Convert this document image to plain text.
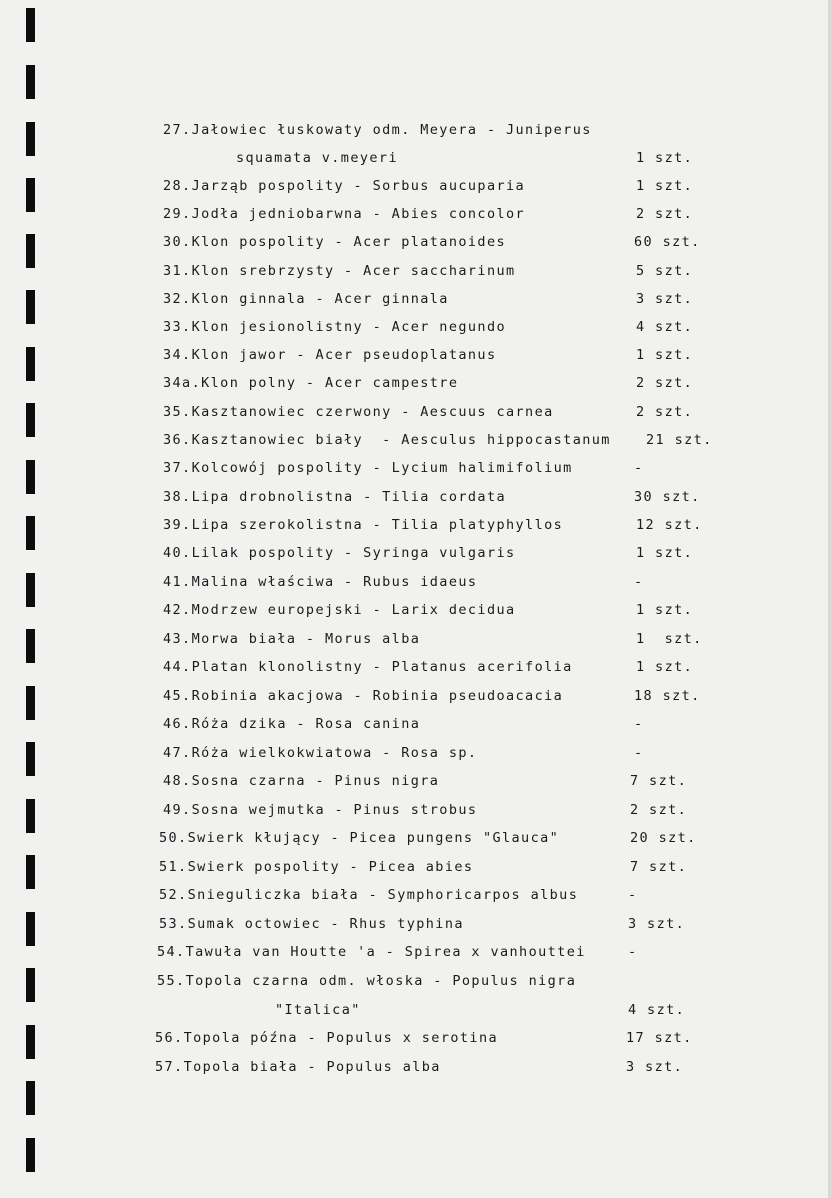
27.Jałowiec łuskowaty odm. Meyera - Juniperus

squamata v.meyeri

	1 szt.

28.Jarząb pospolity - Sorbus aucuparia

	1 szt.

29.Jodła jedniobarwna - Abies concolor

	2 szt.

30.Klon pospolity - Acer platanoides

	60 szt.

31.Klon srebrzysty - Acer saccharinum

	5 szt.

32.Klon ginnala - Acer ginnala

	3 szt.

33.Klon jesionolistny - Acer negundo

	4 szt.

34.Klon jawor - Acer pseudoplatanus

	1 szt.

34a.Klon polny - Acer campestre

	2 szt.

35.Kasztanowiec czerwony - Aescuus carnea

	2 szt.

36.Kasztanowiec biały  - Aesculus hippocastanum

	21 szt.

37.Kolcowój pospolity - Lycium halimifolium

	-

38.Lipa drobnolistna - Tilia cordata

	30 szt.

39.Lipa szerokolistna - Tilia platyphyllos

	12 szt.

40.Lilak pospolity - Syringa vulgaris

	1 szt.

41.Malina właściwa - Rubus idaeus

	-

42.Modrzew europejski - Larix decidua

	1 szt.

43.Morwa biała - Morus alba

	1  szt.

44.Platan klonolistny - Platanus acerifolia

	1 szt.

45.Robinia akacjowa - Robinia pseudoacacia

	18 szt.

46.Róża dzika - Rosa canina

	-

47.Róża wielkokwiatowa - Rosa sp.

	-

48.Sosna czarna - Pinus nigra

	7 szt.

49.Sosna wejmutka - Pinus strobus

	2 szt.

50.Swierk kłujący - Picea pungens "Glauca"

	20 szt.

51.Swierk pospolity - Picea abies

	7 szt.

52.Snieguliczka biała - Symphoricarpos albus

	-

53.Sumak octowiec - Rhus typhina

	3 szt.

54.Tawuła van Houtte 'a - Spirea x vanhouttei

	-

55.Topola czarna odm. włoska - Populus nigra

"Italica"

	4 szt.

56.Topola późna - Populus x serotina

	17 szt.

57.Topola biała - Populus alba

	3 szt.
